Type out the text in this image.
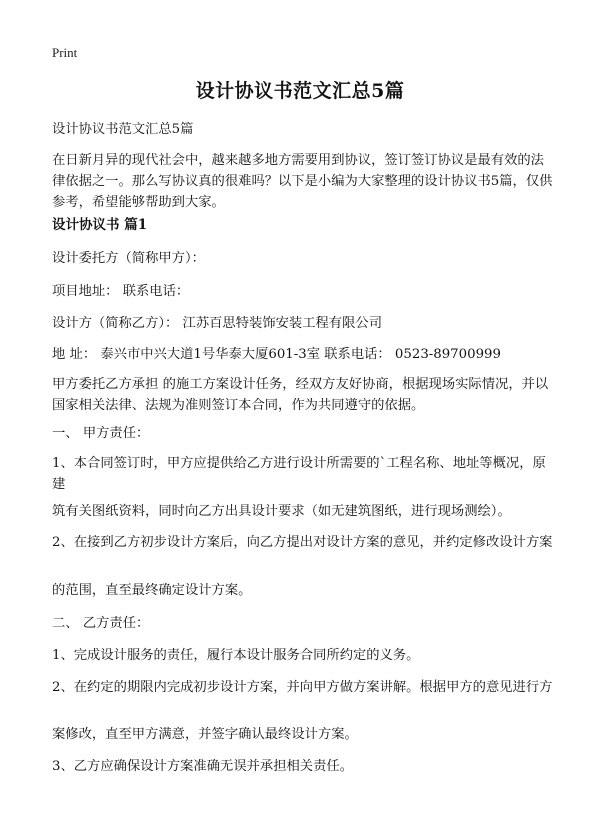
Print
设计协议书范文汇总5篇

设计协议书范文汇总5篇

在日新月异的现代社会中，越来越多地方需要用到协议，签订签订协议是最有效的法律依据之一。那么写协议真的很难吗？以下是小编为大家整理的设计协议书5篇，仅供参考，希望能够帮助到大家。

设计协议书 篇1

设计委托方（简称甲方）：

项目地址： 联系电话：

设计方（简称乙方）： 江苏百思特装饰安装工程有限公司

地 址： 泰兴市中兴大道1号华泰大厦601-3室 联系电话： 0523-89700999

甲方委托乙方承担 的施工方案设计任务，经双方友好协商，根据现场实际情况，并以国家相关法律、法规为准则签订本合同，作为共同遵守的依据。

一、 甲方责任：

1、本合同签订时，甲方应提供给乙方进行设计所需要的`工程名称、地址等概况，原建

筑有关图纸资料，同时向乙方出具设计要求（如无建筑图纸，进行现场测绘）。

2、在接到乙方初步设计方案后，向乙方提出对设计方案的意见，并约定修改设计方案

的范围，直至最终确定设计方案。

二、 乙方责任：

1、完成设计服务的责任，履行本设计服务合同所约定的义务。

2、在约定的期限内完成初步设计方案，并向甲方做方案讲解。根据甲方的意见进行方

案修改，直至甲方满意，并签字确认最终设计方案。

3、乙方应确保设计方案准确无误并承担相关责任。
